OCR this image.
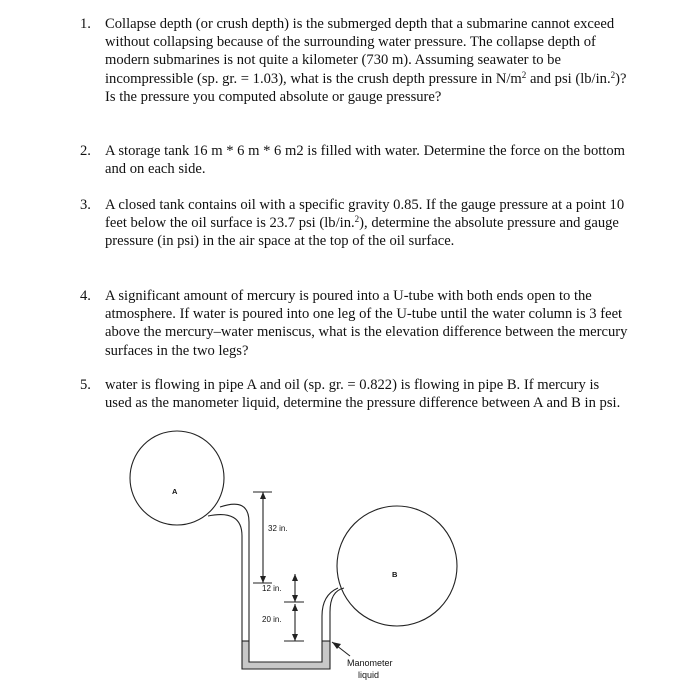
1. Collapse depth (or crush depth) is the submerged depth that a submarine cannot exceed
without collapsing because of the surrounding water pressure. The collapse depth of
modern submarines is not quite a kilometer (730 m). Assuming seawater to be
incompressible (sp. gr. = 1.03), what is the crush depth pressure in $N/m^2$ and psi (lb/in.$^2$)?
Is the pressure you computed absolute or gauge pressure?
2. A storage tank 16 m * 6 m * 6 m2 is filled with water. Determine the force on the bottom
and on each side.
3. A closed tank contains oil with a specific gravity 0.85. If the gauge pressure at a point 10
feet below the oil surface is 23.7 psi (lb/in.$^2$), determine the absolute pressure and gauge
pressure (in psi) in the air space at the top of the oil surface.
4. A significant amount of mercury is poured into a U-tube with both ends open to the
atmosphere. If water is poured into one leg of the U-tube until the water column is 3 feet
above the mercury–water meniscus, what is the elevation difference between the mercury
surfaces in the two legs?
5. water is flowing in pipe A and oil (sp. gr. = 0.822) is flowing in pipe B. If mercury is
used as the manometer liquid, determine the pressure difference between A and B in psi.
A
B
32 in.
12 in.
20 in.
Manometer
liquid
